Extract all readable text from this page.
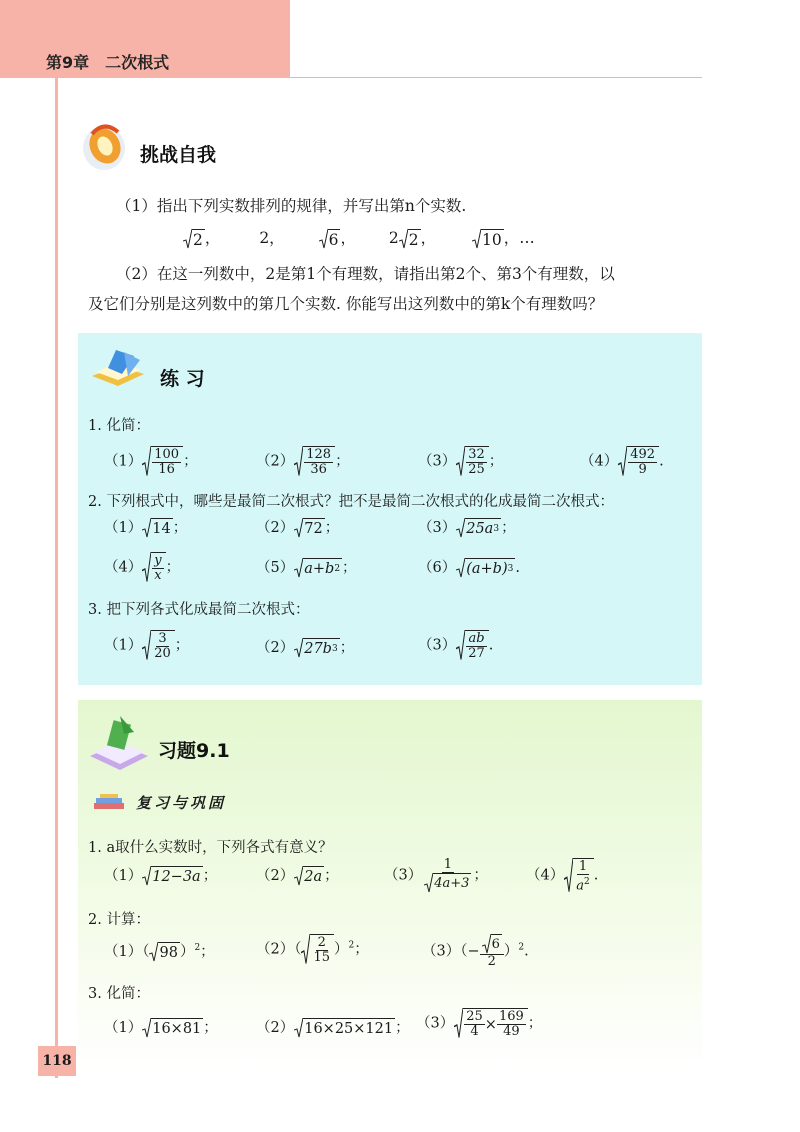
第9章　二次根式
挑战自我
（1）指出下列实数排列的规律，并写出第n个实数.
2 ， 2，	6 ， 2 2 ，	10 ，…
（2）在这一列数中，2是第1个有理数，请指出第2个、第3个有理数，以
及它们分别是这列数中的第几个实数. 你能写出这列数中的第k个有理数吗？
练 习
1. 化简：
$(1) \frac{100}{16}$ ；	$(2) \frac{128}{36}$ ；	$(3) \frac{32}{25}$ ；	$(4) \frac{492}{9}$ .
2. 下列根式中，哪些是最简二次根式？把不是最简二次根式的化成最简二次根式：
（1） 14 ；	（2） 72 ；	（3） 25a 3 ；
$(4) \frac{y}{x}$ ；	（5） a+b 2 ；	（6） (a+b) 3 .
3. 把下列各式化成最简二次根式：
$(1) \frac{3}{20}$ ；	（2） 27b 3 ；	$(3) \frac{ab}{27}$ .
习题9.1
复习与巩固
1. a取什么实数时，下列各式有意义？
（1） 12−3a ；	（2） 2a ；	$(3) \frac{1}{4a+3}$ ；	$(4) \frac{1}{a^2}$ .
2. 计算：
（1）（ 98 ）$^2$；	$(2)( \frac{2}{15} )^2$；	$(3)(- \frac{6}{2} )^2$.
3. 化简：
（1） 16×81 ；	（2） 16×25×121 ； $(3) \frac{25}{4} \times \frac{169}{49}$ ；
118
